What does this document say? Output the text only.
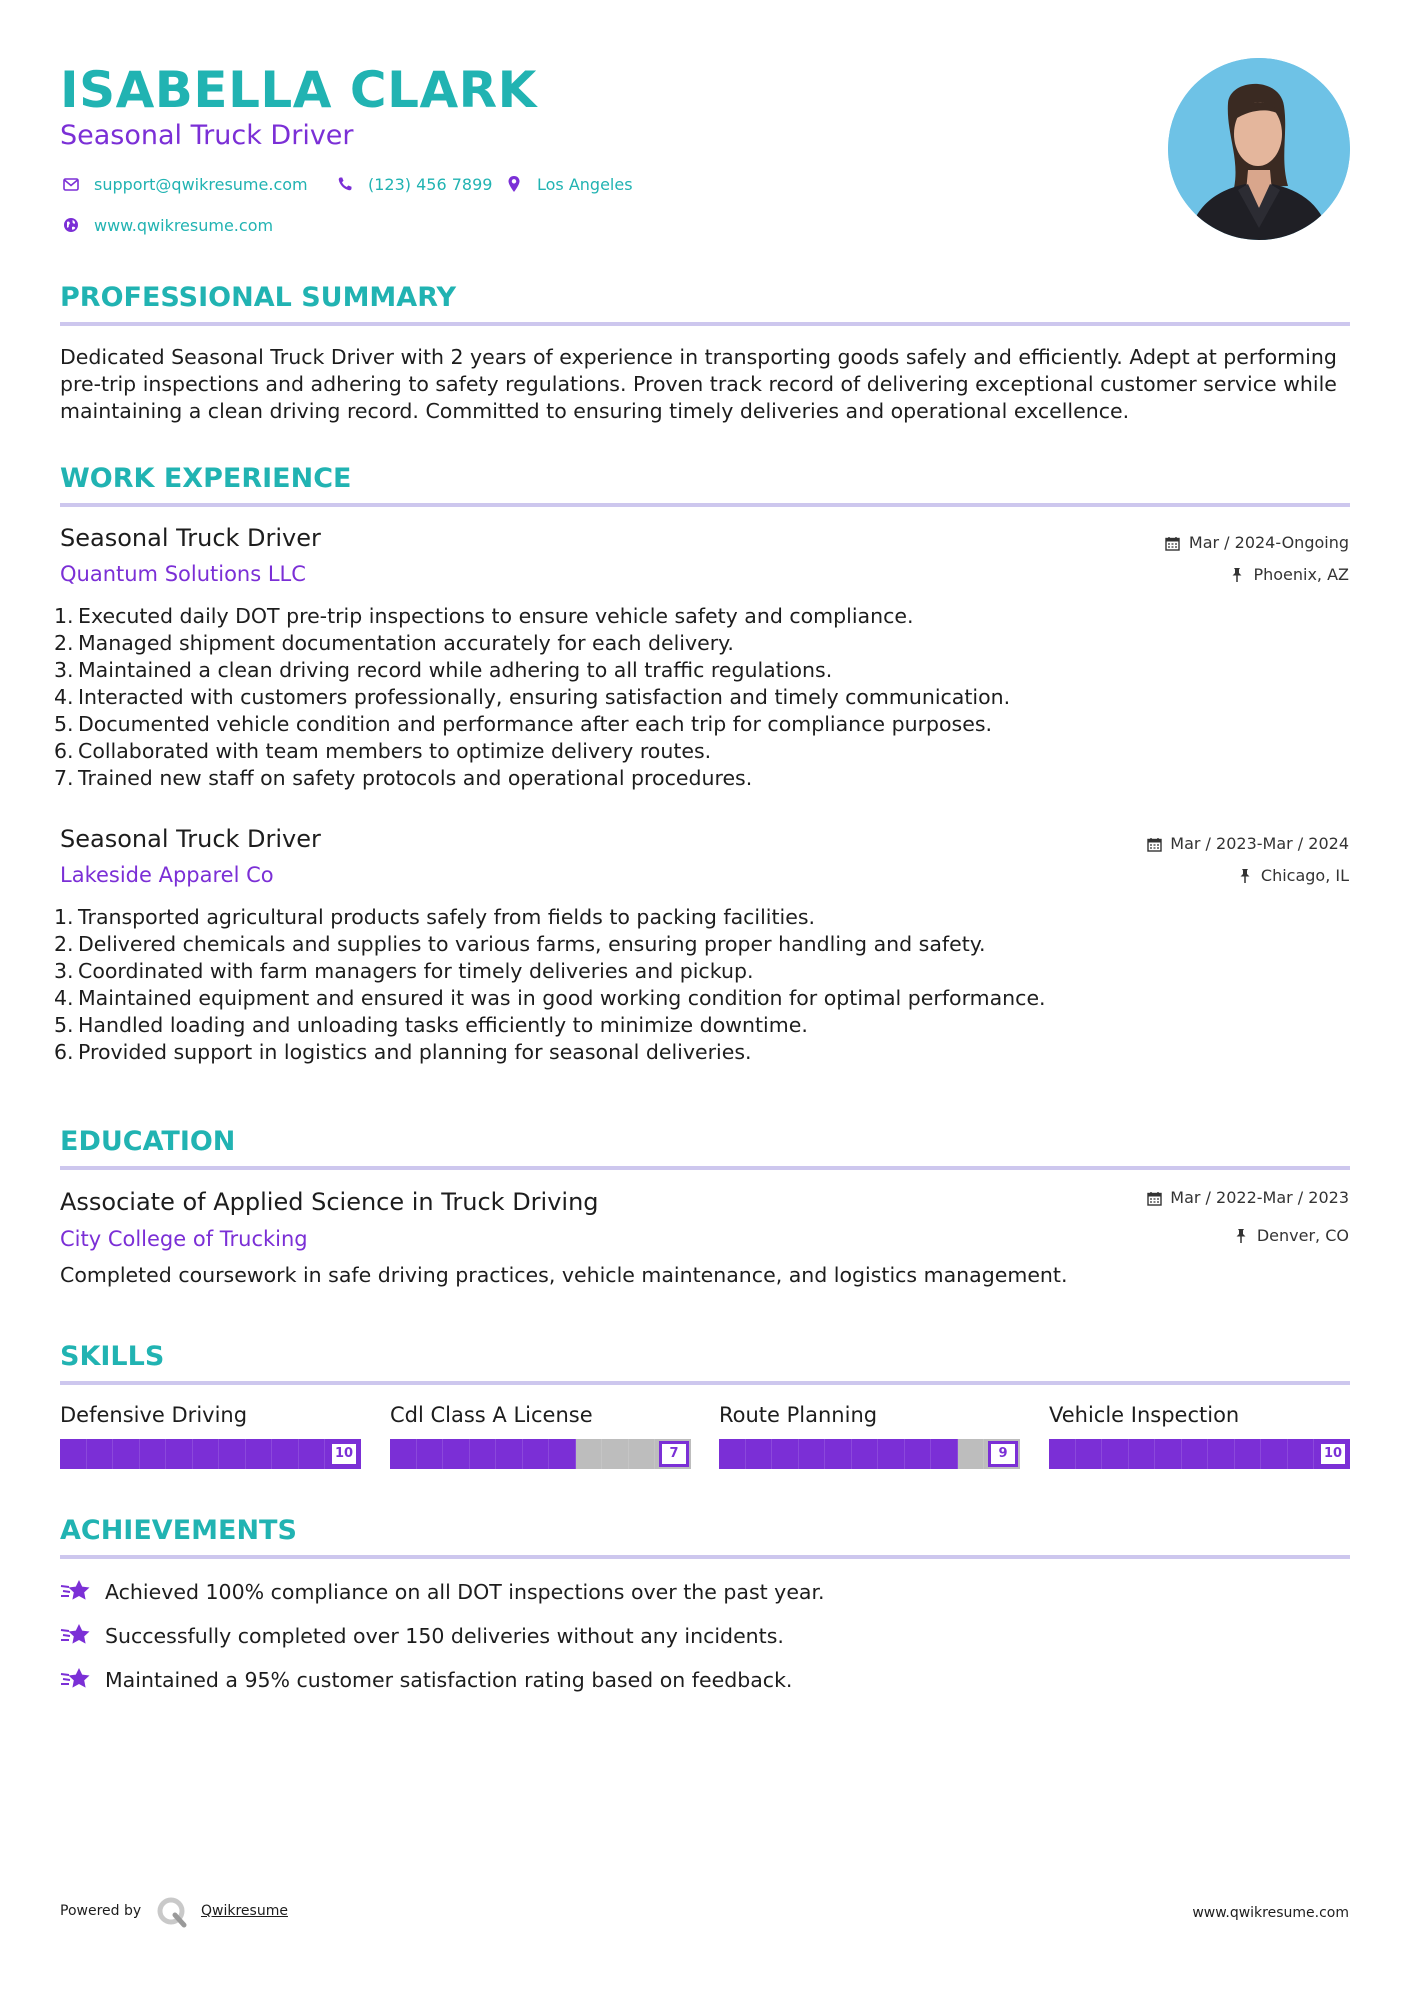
ISABELLA CLARK
Seasonal Truck Driver
support@qwikresume.com	(123) 456 7899	Los Angeles
www.qwikresume.com
PROFESSIONAL SUMMARY

Dedicated Seasonal Truck Driver with 2 years of experience in transporting goods safely and efficiently. Adept at performing pre-trip inspections and adhering to safety regulations. Proven track record of delivering exceptional customer service while maintaining a clean driving record. Committed to ensuring timely deliveries and operational excellence.

WORK EXPERIENCE
Seasonal Truck Driver
Quantum Solutions LLC
Mar / 2024-Ongoing
Phoenix, AZ
1. Executed daily DOT pre-trip inspections to ensure vehicle safety and compliance.
2. Managed shipment documentation accurately for each delivery.
3. Maintained a clean driving record while adhering to all traffic regulations.
4. Interacted with customers professionally, ensuring satisfaction and timely communication.
5. Documented vehicle condition and performance after each trip for compliance purposes.
6. Collaborated with team members to optimize delivery routes.
7. Trained new staff on safety protocols and operational procedures.
Seasonal Truck Driver
Lakeside Apparel Co
Mar / 2023-Mar / 2024
Chicago, IL
1. Transported agricultural products safely from fields to packing facilities.
2. Delivered chemicals and supplies to various farms, ensuring proper handling and safety.
3. Coordinated with farm managers for timely deliveries and pickup.
4. Maintained equipment and ensured it was in good working condition for optimal performance.
5. Handled loading and unloading tasks efficiently to minimize downtime.
6. Provided support in logistics and planning for seasonal deliveries.
EDUCATION
Associate of Applied Science in Truck Driving
City College of Trucking
Mar / 2022-Mar / 2023
Denver, CO
Completed coursework in safe driving practices, vehicle maintenance, and logistics management.
SKILLS
Defensive Driving
10
Cdl Class A License
7
Route Planning
9
Vehicle Inspection
10
ACHIEVEMENTS
Achieved 100% compliance on all DOT inspections over the past year.
Successfully completed over 150 deliveries without any incidents.
Maintained a 95% customer satisfaction rating based on feedback.
Powered by	Qwikresume	www.qwikresume.com
